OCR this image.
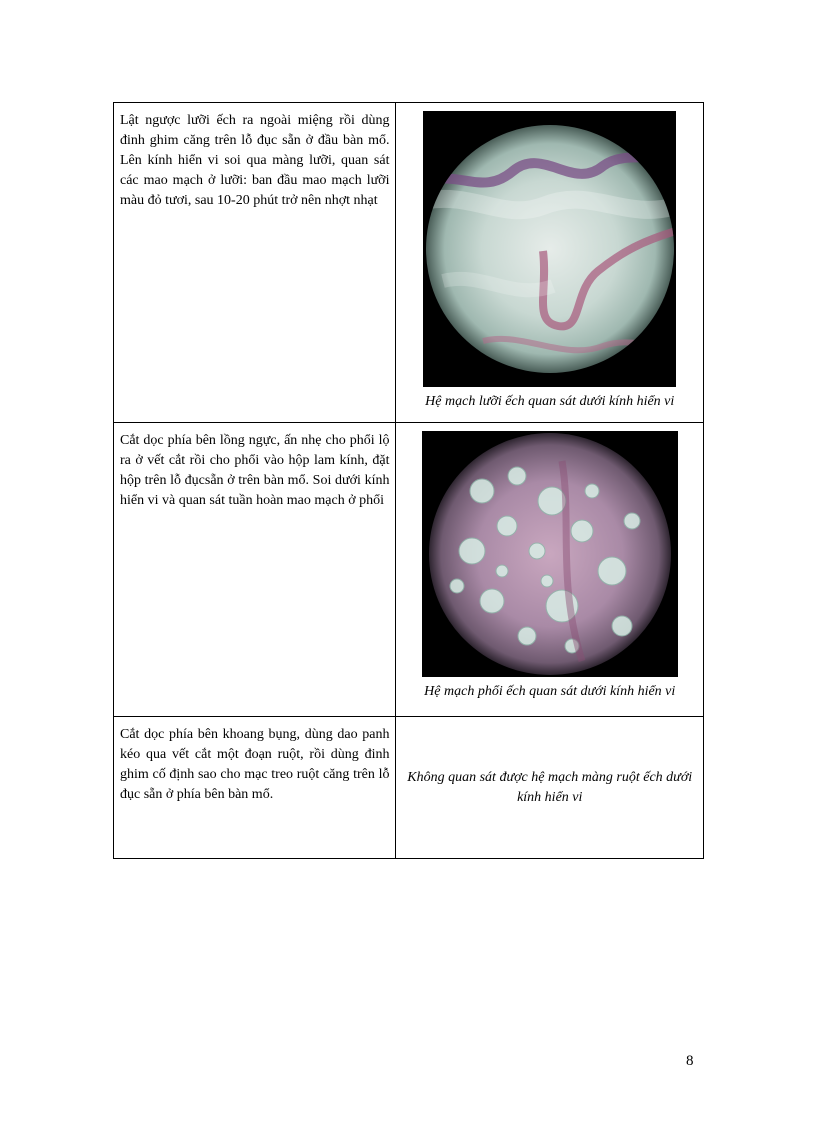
Lật ngược lưỡi ếch ra ngoài miệng rồi dùng đinh ghim căng trên lỗ đục sẵn ở đầu bàn mổ. Lên kính hiển vi soi qua màng lưỡi, quan sát các mao mạch ở lưỡi: ban đầu mao mạch lưỡi màu đỏ tươi, sau 10-20 phút trở nên nhợt nhạt	Hệ mạch lưỡi ếch quan sát dưới kính hiển vi

Cắt dọc phía bên lồng ngực, ấn nhẹ cho phổi lộ ra ở vết cắt rồi cho phổi vào hộp lam kính, đặt hộp trên lỗ đụcsẵn ở trên bàn mổ. Soi dưới kính hiển vi và quan sát tuần hoàn mao mạch ở phổi	Hệ mạch phổi ếch quan sát dưới kính hiển vi

Cắt dọc phía bên khoang bụng, dùng dao panh kéo qua vết cắt một đoạn ruột, rồi dùng đinh ghim cố định sao cho mạc treo ruột căng trên lỗ đục sẵn ở phía bên bàn mổ.	Không quan sát được hệ mạch màng ruột ếch dưới kính hiển vi
8
